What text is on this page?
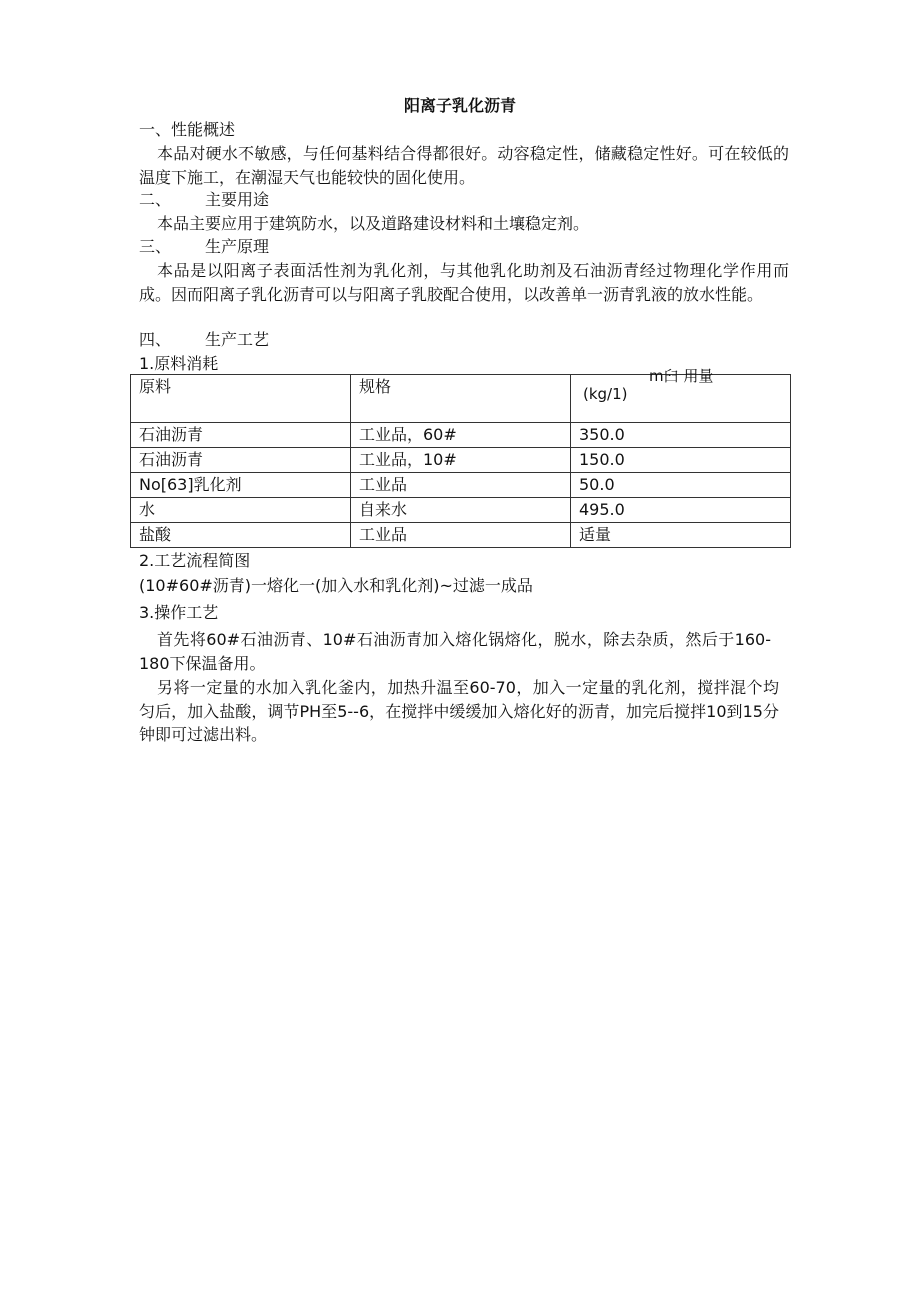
阳离子乳化沥青
一、性能概述
本品对硬水不敏感，与任何基料结合得都很好。动容稳定性，储藏稳定性好。可在较低的温度下施工，在潮湿天气也能较快的固化使用。
二、 主要用途
本品主要应用于建筑防水，以及道路建设材料和土壤稳定剂。
三、 生产原理
本品是以阳离子表面活性剂为乳化剂，与其他乳化助剂及石油沥青经过物理化学作用而成。因而阳离子乳化沥青可以与阳离子乳胶配合使用，以改善单一沥青乳液的放水性能。
四、 生产工艺
1.原料消耗
原料	规格	m臼 用量
(kg/1)

石油沥青	工业品，60#	350.0
石油沥青	工业品，10#	150.0
No[63]乳化剂	工业品	50.0
水	自来水	495.0
盐酸	工业品	适量
2.工艺流程简图
(10#60#沥青)一熔化一(加入水和乳化剂)~过滤一成品
3.操作工艺
首先将60#石油沥青、10#石油沥青加入熔化锅熔化，脱水，除去杂质，然后于160-180下保温备用。
另将一定量的水加入乳化釜内，加热升温至60-70，加入一定量的乳化剂，搅拌混个均匀后，加入盐酸，调节PH至5--6，在搅拌中缓缓加入熔化好的沥青，加完后搅拌10到15分钟即可过滤出料。
